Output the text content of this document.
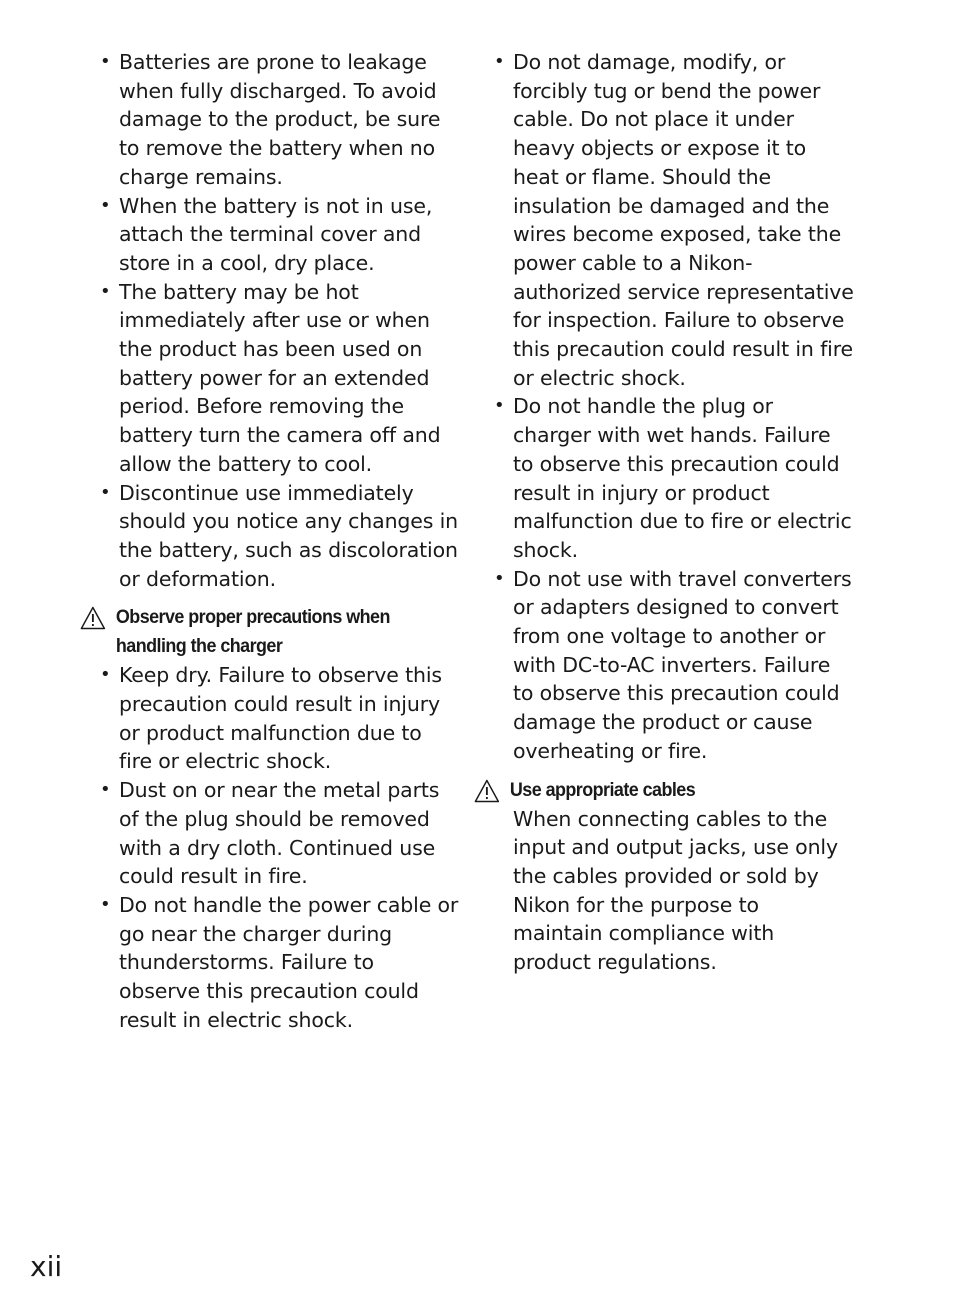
• Batteries are prone to leakage when fully discharged. To avoid damage to the product, be sure to remove the battery when no charge remains.
• When the battery is not in use, attach the terminal cover and store in a cool, dry place.
• The battery may be hot immediately after use or when the product has been used on battery power for an extended period. Before removing the battery turn the camera off and allow the battery to cool.
• Discontinue use immediately should you notice any changes in the battery, such as discoloration or deformation.
Observe proper precautions when handling the charger
• Keep dry. Failure to observe this precaution could result in injury or product malfunction due to fire or electric shock.
• Dust on or near the metal parts of the plug should be removed with a dry cloth. Continued use could result in fire.
• Do not handle the power cable or go near the charger during thunderstorms. Failure to observe this precaution could result in electric shock.
• Do not damage, modify, or forcibly tug or bend the power cable. Do not place it under heavy objects or expose it to heat or flame. Should the insulation be damaged and the wires become exposed, take the power cable to a Nikon-authorized service representative for inspection. Failure to observe this precaution could result in fire or electric shock.
• Do not handle the plug or charger with wet hands. Failure to observe this precaution could result in injury or product malfunction due to fire or electric shock.
• Do not use with travel converters or adapters designed to convert from one voltage to another or with DC-to-AC inverters. Failure to observe this precaution could damage the product or cause overheating or fire.
Use appropriate cables
When connecting cables to the input and output jacks, use only the cables provided or sold by Nikon for the purpose to maintain compliance with product regulations.
xii
